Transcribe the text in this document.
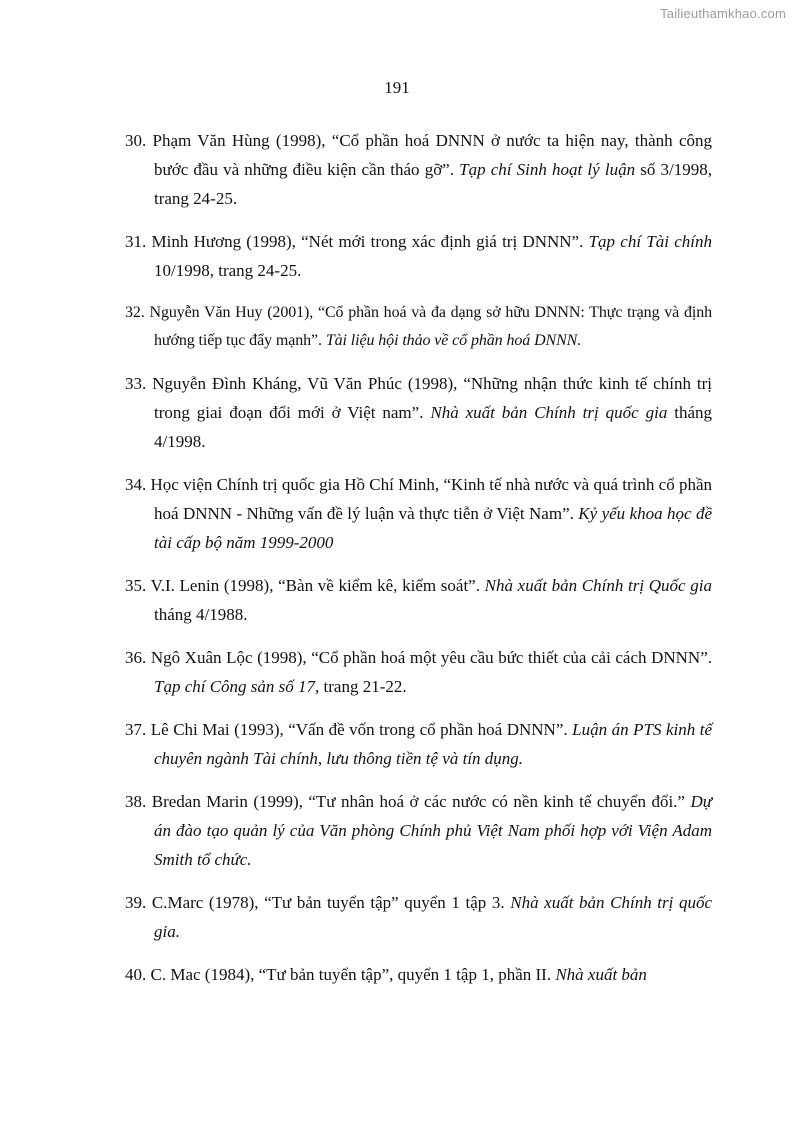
Tailieuthamkhao.com
191
30. Phạm Văn Hùng (1998), “Cổ phần hoá DNNN ở nước ta hiện nay, thành công bước đầu và những điều kiện cần tháo gỡ”. Tạp chí Sinh hoạt lý luận số 3/1998, trang 24-25.
31. Minh Hương (1998), “Nét mới trong xác định giá trị DNNN”. Tạp chí Tài chính 10/1998, trang 24-25.
32. Nguyễn Văn Huy (2001), “Cổ phần hoá và đa dạng sở hữu DNNN: Thực trạng và định hướng tiếp tục đẩy mạnh”. Tài liệu hội thảo về cổ phần hoá DNNN.
33. Nguyễn Đình Kháng, Vũ Văn Phúc (1998), “Những nhận thức kinh tế chính trị trong giai đoạn đổi mới ở Việt nam”. Nhà xuất bản Chính trị quốc gia tháng 4/1998.
34. Học viện Chính trị quốc gia Hồ Chí Minh, “Kinh tế nhà nước và quá trình cổ phần hoá DNNN - Những vấn đề lý luận và thực tiễn ở Việt Nam”. Kỷ yếu khoa học đề tài cấp bộ năm 1999-2000
35. V.I. Lenin (1998), “Bàn về kiểm kê, kiểm soát”. Nhà xuất bản Chính trị Quốc gia tháng 4/1988.
36. Ngô Xuân Lộc (1998), “Cổ phần hoá một yêu cầu bức thiết của cải cách DNNN”. Tạp chí Công sản số 17, trang 21-22.
37. Lê Chi Mai (1993), “Vấn đề vốn trong cổ phần hoá DNNN”. Luận án PTS kinh tế chuyên ngành Tài chính, lưu thông tiền tệ và tín dụng.
38. Bredan Marin (1999), “Tư nhân hoá ở các nước có nền kinh tế chuyển đổi.” Dự án đào tạo quản lý của Văn phòng Chính phủ Việt Nam phối hợp với Viện Adam Smith tổ chức.
39. C.Marc (1978), “Tư bản tuyển tập” quyển 1 tập 3. Nhà xuất bản Chính trị quốc gia.
40. C. Mac (1984), “Tư bản tuyển tập”, quyển 1 tập 1, phần II. Nhà xuất bản
